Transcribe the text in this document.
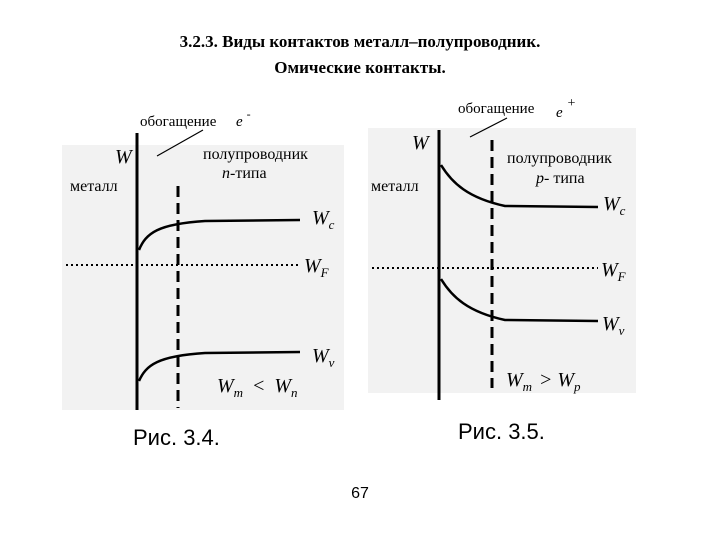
3.2.3. Виды контактов металл–полупроводник.
Омические контакты.
обогащение e -
W
металл
полупроводник
n-типа
$W_c$
$W_F$
$W_v$
$W_m < W_n$
обогащение e+
W
металл
полупроводник
p- типа
$W_c$
$W_F$
$W_v$
$W_m > W_p$
Рис. 3.4.	Рис. 3.5.
67
